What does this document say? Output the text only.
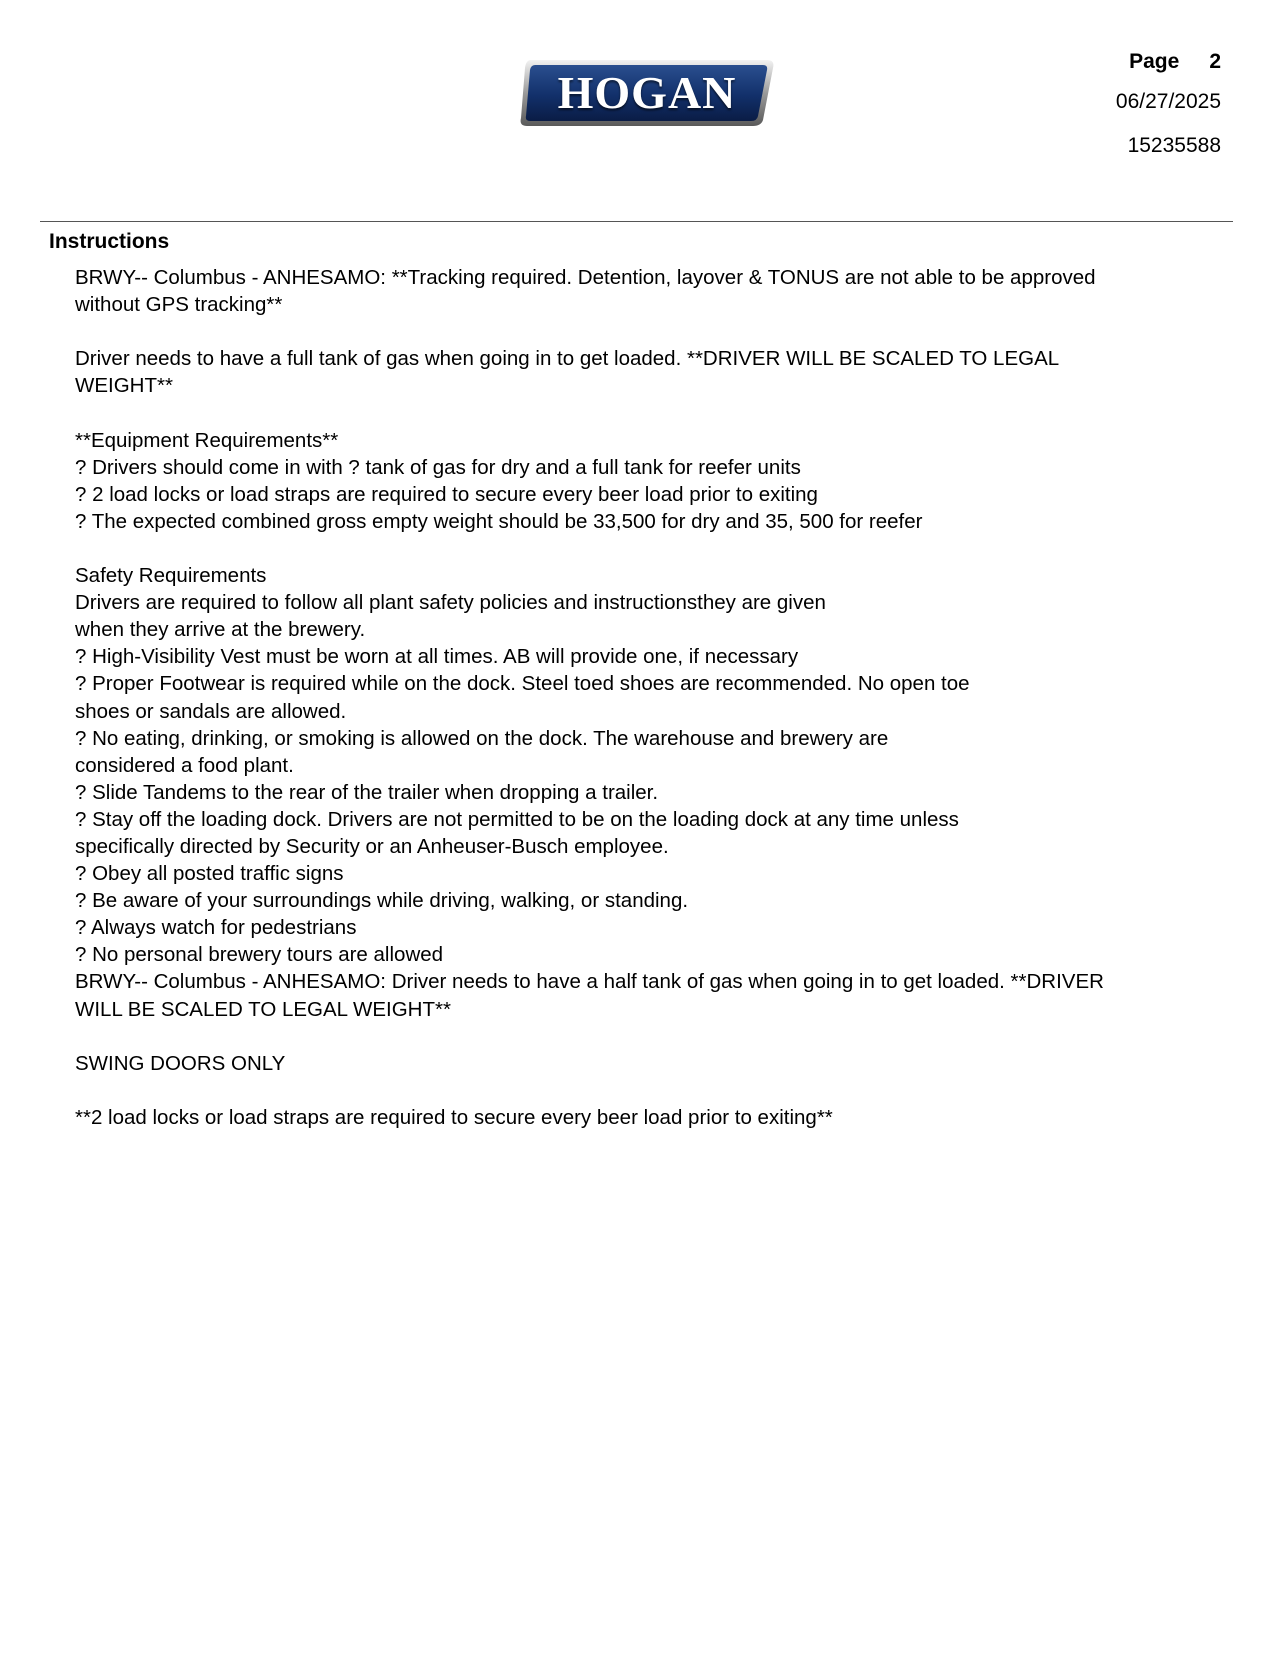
HOGAN
Page 2
06/27/2025
15235588
Instructions
BRWY-- Columbus - ANHESAMO: **Tracking required. Detention, layover & TONUS are not able to be approved
without GPS tracking**
Driver needs to have a full tank of gas when going in to get loaded. **DRIVER WILL BE SCALED TO LEGAL
WEIGHT**
**Equipment Requirements**
? Drivers should come in with ? tank of gas for dry and a full tank for reefer units
? 2 load locks or load straps are required to secure every beer load prior to exiting
? The expected combined gross empty weight should be 33,500 for dry and 35, 500 for reefer
Safety Requirements
Drivers are required to follow all plant safety policies and instructionsthey are given
when they arrive at the brewery.
? High-Visibility Vest must be worn at all times. AB will provide one, if necessary
? Proper Footwear is required while on the dock. Steel toed shoes are recommended. No open toe
shoes or sandals are allowed.
? No eating, drinking, or smoking is allowed on the dock. The warehouse and brewery are
considered a food plant.
? Slide Tandems to the rear of the trailer when dropping a trailer.
? Stay off the loading dock. Drivers are not permitted to be on the loading dock at any time unless
specifically directed by Security or an Anheuser-Busch employee.
? Obey all posted traffic signs
? Be aware of your surroundings while driving, walking, or standing.
? Always watch for pedestrians
? No personal brewery tours are allowed
BRWY-- Columbus - ANHESAMO: Driver needs to have a half tank of gas when going in to get loaded. **DRIVER
WILL BE SCALED TO LEGAL WEIGHT**
SWING DOORS ONLY
**2 load locks or load straps are required to secure every beer load prior to exiting**
